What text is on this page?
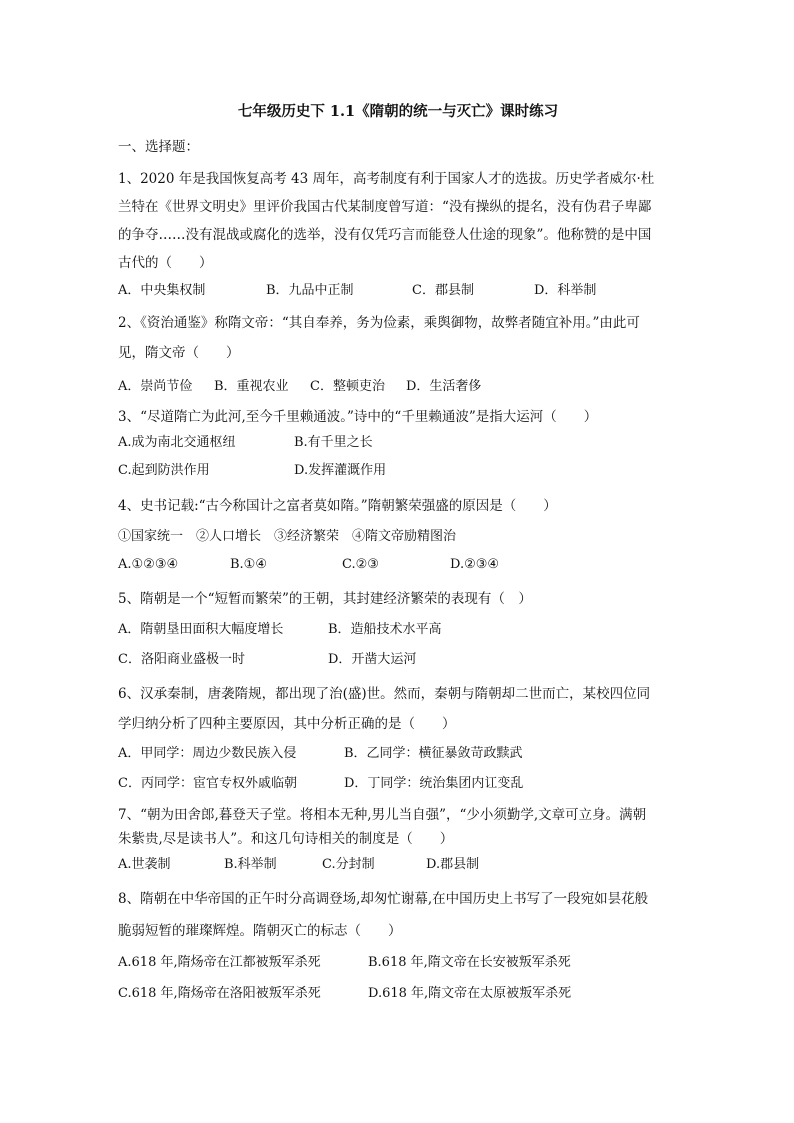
七年级历史下 1.1《隋朝的统一与灭亡》课时练习
一、选择题：

1、2020 年是我国恢复高考 43 周年，高考制度有利于国家人才的选拔。历史学者威尔·杜

兰特在《世界文明史》里评价我国古代某制度曾写道：“没有操纵的提名，没有伪君子卑鄙

的争夺……没有混战或腐化的选举，没有仅凭巧言而能登人仕途的现象”。他称赞的是中国

古代的（　　）

A．中央集权制	B．九品中正制	C．郡县制	D．科举制

2、《资治通鉴》称隋文帝：“其自奉养，务为俭素，乘舆御物，故弊者随宜补用。”由此可

见，隋文帝（　　）

A．崇尚节俭	B．重视农业	C．整顿吏治	D．生活奢侈

3、“尽道隋亡为此河,至今千里赖通波。”诗中的“千里赖通波”是指大运河（　　）

A.成为南北交通枢纽	B.有千里之长
C.起到防洪作用	D.发挥灌溉作用

4、史书记载:“古今称国计之富者莫如隋。”隋朝繁荣强盛的原因是（　　）

①国家统一　②人口增长　③经济繁荣　④隋文帝励精图治

A.①②③④	B.①④	C.②③	D.②③④

5、隋朝是一个“短暂而繁荣”的王朝，其封建经济繁荣的表现有（　）

A．隋朝垦田面积大幅度增长	B．造船技术水平高
C．洛阳商业盛极一时	D．开凿大运河

6、汉承秦制，唐袭隋规，都出现了治(盛)世。然而，秦朝与隋朝却二世而亡，某校四位同

学归纳分析了四种主要原因，其中分析正确的是（　　）

A．甲同学：周边少数民族入侵	B．乙同学：横征暴敛苛政黩武
C．丙同学：宦官专权外戚临朝	D．丁同学：统治集团内讧变乱

7、“朝为田舍郎,暮登天子堂。将相本无种,男儿当自强”，“少小须勤学,文章可立身。满朝

朱紫贵,尽是读书人”。和这几句诗相关的制度是（　　）

A.世袭制	B.科举制	C.分封制	D.郡县制

8、隋朝在中华帝国的正午时分高调登场,却匆忙谢幕,在中国历史上书写了一段宛如昙花般

脆弱短暂的璀璨辉煌。隋朝灭亡的标志（　　）

A.618 年,隋炀帝在江都被叛军杀死	B.618 年,隋文帝在长安被叛军杀死
C.618 年,隋炀帝在洛阳被叛军杀死	D.618 年,隋文帝在太原被叛军杀死
